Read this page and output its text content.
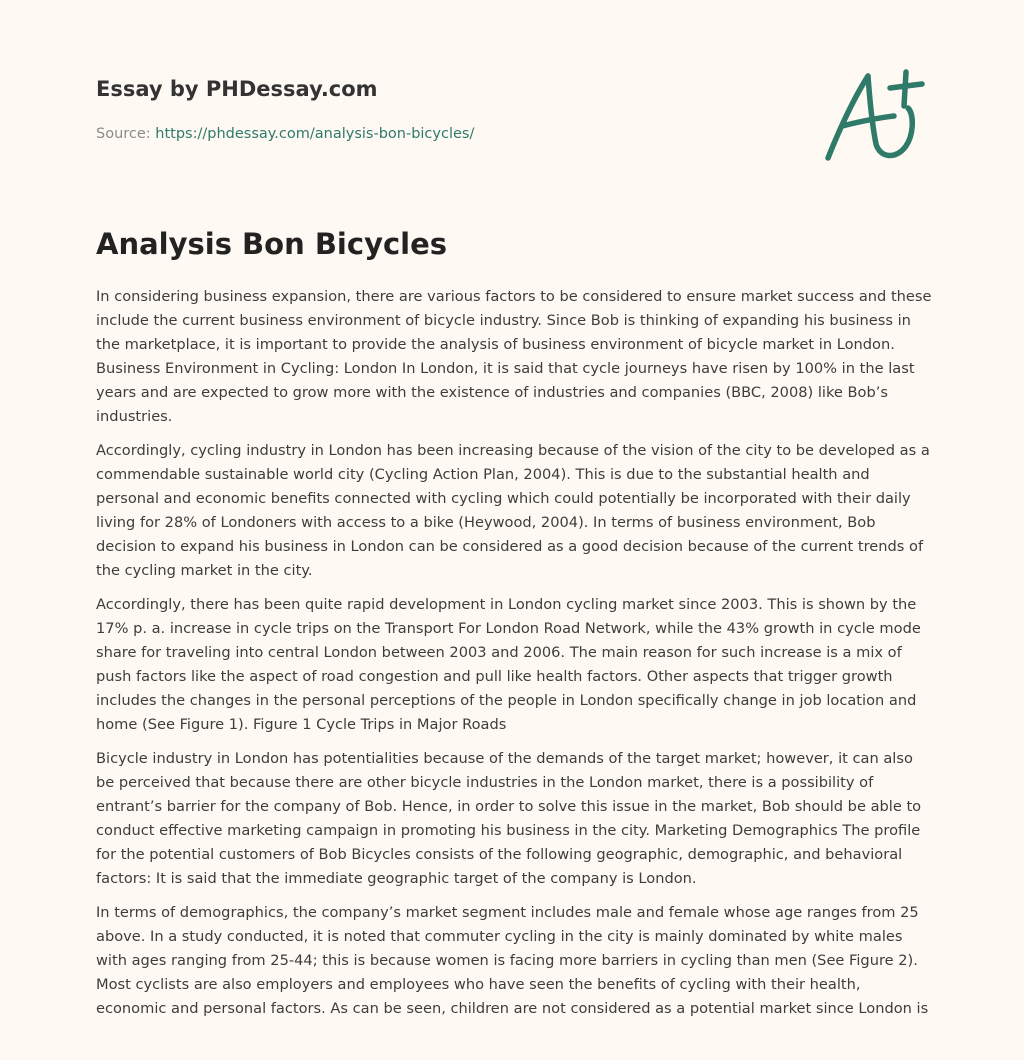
Essay by PHDessay.com
Source: https://phdessay.com/analysis-bon-bicycles/
Analysis Bon Bicycles

In considering business expansion, there are various factors to be considered to ensure market success and these include the current business environment of bicycle industry. Since Bob is thinking of expanding his business in the marketplace, it is important to provide the analysis of business environment of bicycle market in London. Business Environment in Cycling: London In London, it is said that cycle journeys have risen by 100% in the last years and are expected to grow more with the existence of industries and companies (BBC, 2008) like Bob’s industries.

Accordingly, cycling industry in London has been increasing because of the vision of the city to be developed as a commendable sustainable world city (Cycling Action Plan, 2004). This is due to the substantial health and personal and economic benefits connected with cycling which could potentially be incorporated with their daily living for 28% of Londoners with access to a bike (Heywood, 2004). In terms of business environment, Bob decision to expand his business in London can be considered as a good decision because of the current trends of the cycling market in the city.

Accordingly, there has been quite rapid development in London cycling market since 2003. This is shown by the 17% p. a. increase in cycle trips on the Transport For London Road Network, while the 43% growth in cycle mode share for traveling into central London between 2003 and 2006. The main reason for such increase is a mix of push factors like the aspect of road congestion and pull like health factors. Other aspects that trigger growth includes the changes in the personal perceptions of the people in London specifically change in job location and home (See Figure 1). Figure 1 Cycle Trips in Major Roads

Bicycle industry in London has potentialities because of the demands of the target market; however, it can also be perceived that because there are other bicycle industries in the London market, there is a possibility of entrant’s barrier for the company of Bob. Hence, in order to solve this issue in the market, Bob should be able to conduct effective marketing campaign in promoting his business in the city. Marketing Demographics The profile for the potential customers of Bob Bicycles consists of the following geographic, demographic, and behavioral factors: It is said that the immediate geographic target of the company is London.

In terms of demographics, the company’s market segment includes male and female whose age ranges from 25 above. In a study conducted, it is noted that commuter cycling in the city is mainly dominated by white males with ages ranging from 25-44; this is because women is facing more barriers in cycling than men (See Figure 2). Most cyclists are also employers and employees who have seen the benefits of cycling with their health, economic and personal factors. As can be seen, children are not considered as a potential market since London is
